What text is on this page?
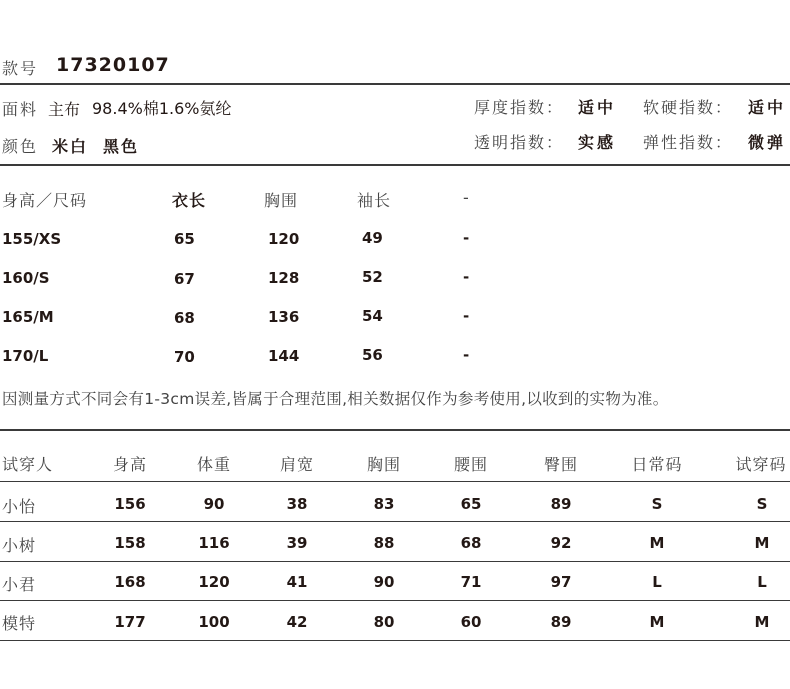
款号 17320107
面料 主布 98.4%棉1.6%氨纶
颜色 米白 黑色
厚度指数： 适中 软硬指数： 适中
透明指数： 实感 弹性指数： 微弹
身高／尺码	衣长	胸围	袖长	-
155/XS	65	120	49	-
160/S	67	128	52	-
165/M	68	136	54	-
170/L	70	144	56	-
因测量方式不同会有1-3cm误差,皆属于合理范围,相关数据仅作为参考使用,以收到的实物为准。
试穿人	身高	体重	肩宽	胸围	腰围	臀围	日常码	试穿码
小怡	156	90	38	83	65	89	S	S
小树	158	116	39	88	68	92	M	M
小君	168	120	41	90	71	97	L	L
模特	177	100	42	80	60	89	M	M
